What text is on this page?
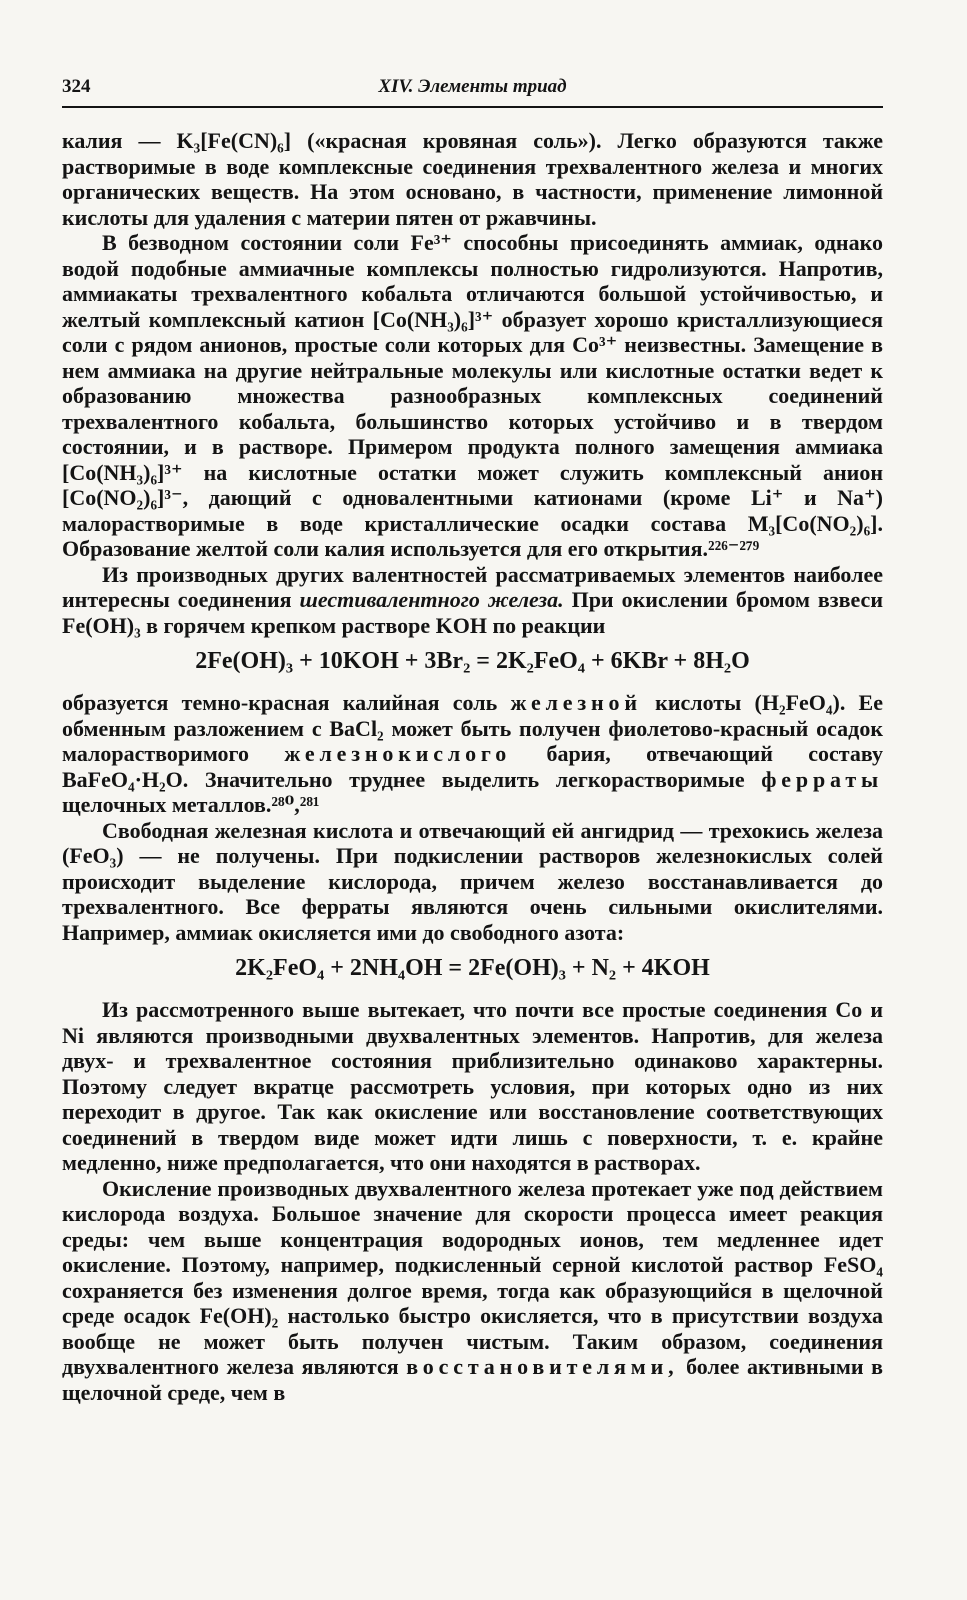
324	XIV. Элементы триад

калия — K₃[Fe(CN)₆] («красная кровяная соль»). Легко образуются также растворимые в воде комплексные соединения трехвалентного железа и многих органических веществ. На этом основано, в частности, применение лимонной кислоты для удаления с материи пятен от ржавчины.

В безводном состоянии соли Fe³⁺ способны присоединять аммиак, однако водой подобные аммиачные комплексы полностью гидролизуются. Напротив, аммиакаты трехвалентного кобальта отличаются большой устойчивостью, и желтый комплексный катион [Co(NH₃)₆]³⁺ образует хорошо кристаллизующиеся соли с рядом анионов, простые соли которых для Co³⁺ неизвестны. Замещение в нем аммиака на другие нейтральные молекулы или кислотные остатки ведет к образованию множества разнообразных комплексных соединений трехвалентного кобальта, большинство которых устойчиво и в твердом состоянии, и в растворе. Примером продукта полного замещения аммиака [Co(NH₃)₆]³⁺ на кислотные остатки может служить комплексный анион [Co(NO₂)₆]³⁻, дающий с одновалентными катионами (кроме Li⁺ и Na⁺) малорастворимые в воде кристаллические осадки состава M₃[Co(NO₂)₆]. Образование желтой соли калия используется для его открытия.²²⁶⁻²⁷⁹

Из производных других валентностей рассматриваемых элементов наиболее интересны соединения шестивалентного железа. При окислении бромом взвеси Fe(OH)₃ в горячем крепком растворе KOH по реакции

2Fe(OH)₃ + 10KOH + 3Br₂ = 2K₂FeO₄ + 6KBr + 8H₂O

образуется темно-красная калийная соль железной кислоты (H₂FeO₄). Ее обменным разложением с BaCl₂ может быть получен фиолетово-красный осадок малорастворимого железнокислого бария, отвечающий составу BaFeO₄·H₂O. Значительно труднее выделить легкорастворимые ферраты щелочных металлов.²⁸⁰,²⁸¹

Свободная железная кислота и отвечающий ей ангидрид — трехокись железа (FeO₃) — не получены. При подкислении растворов железнокислых солей происходит выделение кислорода, причем железо восстанавливается до трехвалентного. Все ферраты являются очень сильными окислителями. Например, аммиак окисляется ими до свободного азота:

2K₂FeO₄ + 2NH₄OH = 2Fe(OH)₃ + N₂ + 4KOH

Из рассмотренного выше вытекает, что почти все простые соединения Co и Ni являются производными двухвалентных элементов. Напротив, для железа двух- и трехвалентное состояния приблизительно одинаково характерны. Поэтому следует вкратце рассмотреть условия, при которых одно из них переходит в другое. Так как окисление или восстановление соответствующих соединений в твердом виде может идти лишь с поверхности, т. е. крайне медленно, ниже предполагается, что они находятся в растворах.

Окисление производных двухвалентного железа протекает уже под действием кислорода воздуха. Большое значение для скорости процесса имеет реакция среды: чем выше концентрация водородных ионов, тем медленнее идет окисление. Поэтому, например, подкисленный серной кислотой раствор FeSO₄ сохраняется без изменения долгое время, тогда как образующийся в щелочной среде осадок Fe(OH)₂ настолько быстро окисляется, что в присутствии воздуха вообще не может быть получен чистым. Таким образом, соединения двухвалентного железа являются восстановителями, более активными в щелочной среде, чем в
